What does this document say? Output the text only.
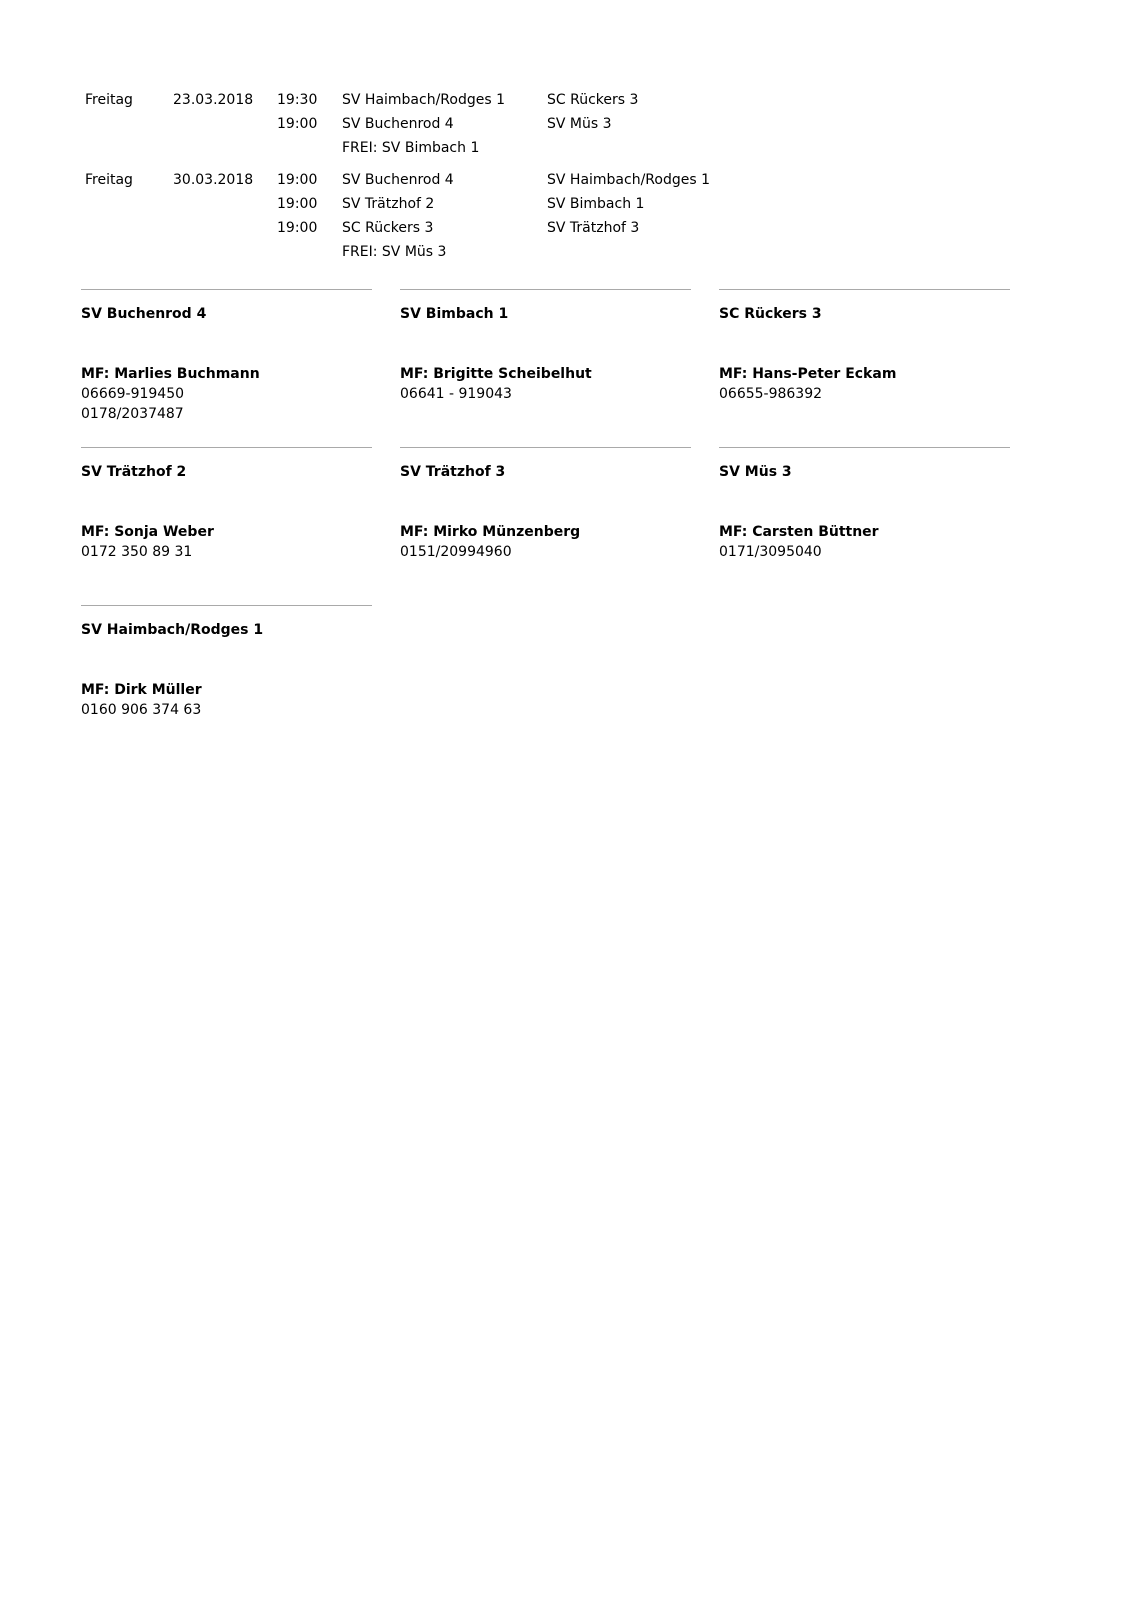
Freitag	23.03.2018 19:30 SV Haimbach/Rodges 1	SC Rückers 3
19:00 SV Buchenrod 4	SV Müs 3
FREI: SV Bimbach 1
Freitag	30.03.2018 19:00 SV Buchenrod 4	SV Haimbach/Rodges 1
19:00 SV Trätzhof 2	SV Bimbach 1
19:00 SC Rückers 3	SV Trätzhof 3
FREI: SV Müs 3
SV Buchenrod 4
MF: Marlies Buchmann
06669-919450
0178/2037487
SV Bimbach 1
MF: Brigitte Scheibelhut
06641 - 919043
SC Rückers 3
MF: Hans-Peter Eckam
06655-986392
SV Trätzhof 2
MF: Sonja Weber
0172 350 89 31
SV Trätzhof 3
MF: Mirko Münzenberg
0151/20994960
SV Müs 3
MF: Carsten Büttner
0171/3095040
SV Haimbach/Rodges 1
MF: Dirk Müller
0160 906 374 63
